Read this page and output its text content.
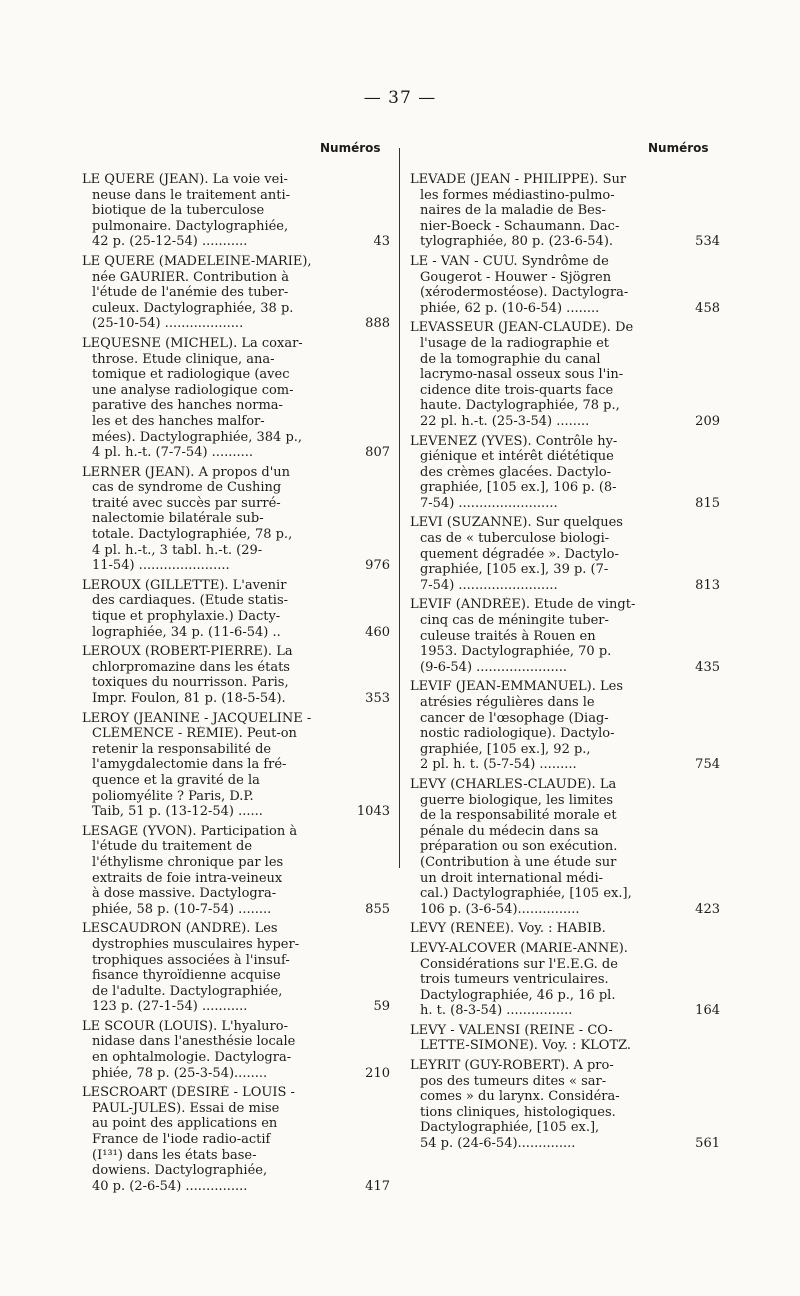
— 37 —
Numéros	Numéros
LE QUERE (JEAN). La voie vei-
neuse dans le traitement anti-
biotique de la tuberculose
pulmonaire. Dactylographiée,
42 p. (25-12-54) ...........	43
LE QUERE (MADELEINE-MARIE),
née GAURIER. Contribution à
l'étude de l'anémie des tuber-
culeux. Dactylographiée, 38 p.
(25-10-54) ...................	888
LEQUESNE (MICHEL). La coxar-
throse. Etude clinique, ana-
tomique et radiologique (avec
une analyse radiologique com-
parative des hanches norma-
les et des hanches malfor-
mées). Dactylographiée, 384 p.,
4 pl. h.-t. (7-7-54) ..........	807
LERNER (JEAN). A propos d'un
cas de syndrome de Cushing
traité avec succès par surré-
nalectomie bilatérale sub-
totale. Dactylographiée, 78 p.,
4 pl. h.-t., 3 tabl. h.-t. (29-
11-54) ......................	976
LEROUX (GILLETTE). L'avenir
des cardiaques. (Etude statis-
tique et prophylaxie.) Dacty-
lographiée, 34 p. (11-6-54) ..	460
LEROUX (ROBERT-PIERRE). La
chlorpromazine dans les états
toxiques du nourrisson. Paris,
Impr. Foulon, 81 p. (18-5-54).	353
LEROY (JEANINE - JACQUELINE -
CLÉMENCE - RÉMIE). Peut-on
retenir la responsabilité de
l'amygdalectomie dans la fré-
quence et la gravité de la
poliomyélite ? Paris, D.P.
Taib, 51 p. (13-12-54) ......	1043
LESAGE (YVON). Participation à
l'étude du traitement de
l'éthylisme chronique par les
extraits de foie intra-veineux
à dose massive. Dactylogra-
phiée, 58 p. (10-7-54) ........	855
LESCAUDRON (ANDRÉ). Les
dystrophies musculaires hyper-
trophiques associées à l'insuf-
fisance thyroïdienne acquise
de l'adulte. Dactylographiée,
123 p. (27-1-54) ...........	59
LE SCOUR (LOUIS). L'hyaluro-
nidase dans l'anesthésie locale
en ophtalmologie. Dactylogra-
phiée, 78 p. (25-3-54)........	210
LESCROART (DÉSIRÉ - LOUIS -
PAUL-JULES). Essai de mise
au point des applications en
France de l'iode radio-actif
(I¹³¹) dans les états base-
dowiens. Dactylographiée,
40 p. (2-6-54) ...............	417
LEVADE (JEAN - PHILIPPE). Sur
les formes médiastino-pulmo-
naires de la maladie de Bes-
nier-Boeck - Schaumann. Dac-
tylographiée, 80 p. (23-6-54).	534
LE - VAN - CUU. Syndrôme de
Gougerot - Houwer - Sjögren
(xérodermostéose). Dactylogra-
phiée, 62 p. (10-6-54) ........	458
LEVASSEUR (JEAN-CLAUDE). De
l'usage de la radiographie et
de la tomographie du canal
lacrymo-nasal osseux sous l'in-
cidence dite trois-quarts face
haute. Dactylographiée, 78 p.,
22 pl. h.-t. (25-3-54) ........	209
LEVENEZ (YVES). Contrôle hy-
giénique et intérêt diététique
des crèmes glacées. Dactylo-
graphiée, [105 ex.], 106 p. (8-
7-54) ........................	815
LEVI (SUZANNE). Sur quelques
cas de « tuberculose biologi-
quement dégradée ». Dactylo-
graphiée, [105 ex.], 39 p. (7-
7-54) ........................	813
LEVIF (ANDRÉE). Etude de vingt-
cinq cas de méningite tuber-
culeuse traités à Rouen en
1953. Dactylographiée, 70 p.
(9-6-54) ......................	435
LEVIF (JEAN-EMMANUEL). Les
atrésies régulières dans le
cancer de l'œsophage (Diag-
nostic radiologique). Dactylo-
graphiée, [105 ex.], 92 p.,
2 pl. h. t. (5-7-54) .........	754
LEVY (CHARLES-CLAUDE). La
guerre biologique, les limites
de la responsabilité morale et
pénale du médecin dans sa
préparation ou son exécution.
(Contribution à une étude sur
un droit international médi-
cal.) Dactylographiée, [105 ex.],
106 p. (3-6-54)...............	423
LÉVY (RENÉE). Voy. : HABIB.
LEVY-ALCOVER (MARIE-ANNE).
Considérations sur l'E.E.G. de
trois tumeurs ventriculaires.
Dactylographiée, 46 p., 16 pl.
h. t. (8-3-54) ................	164
LEVY - VALENSI (REINE - CO-
LETTE-SIMONE). Voy. : KLOTZ.
LEYRIT (GUY-ROBERT). A pro-
pos des tumeurs dites « sar-
comes » du larynx. Considéra-
tions cliniques, histologiques.
Dactylographiée, [105 ex.],
54 p. (24-6-54)..............	561
